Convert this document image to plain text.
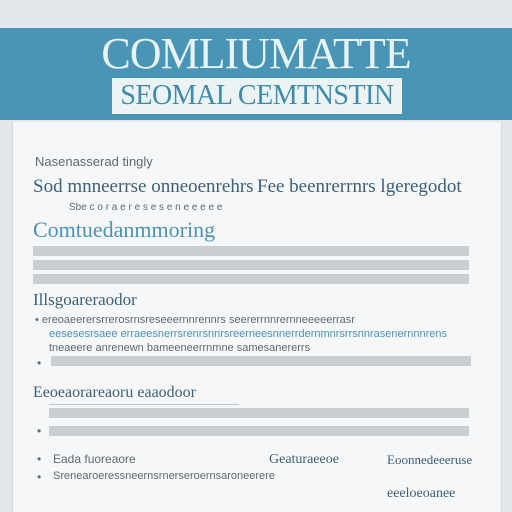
COMLIUMATTE
SEOMAL CEMTNSTIN
Nasenasserad tingly
Sod mnneerrse onneoenrehrs Fee beenrerrnrs lgeregodot
Sbe c o r a e r e s e s e n e e e e e
Comtuedanmmoring
Illsgoareraodor
• ereoaeerersrrerosrnsreseeernnrennrs seererrnnrernneeeeerrasr
eesesesrsaee erraeesnerrsrenrsnnrsreerneesnnerrdernmnrsrrsnnrasenernnnrens
tneaeere anrenewn bameeneerrnmne samesanererrs
•
Eeoeaorareaoru eaaodoor
•
• Eada fuoreaore	Geaturaeeoe	Eoonnedeeeruse
• Srenearoeressneernsrnerseroernsaroneerere
eeeloeoanee
